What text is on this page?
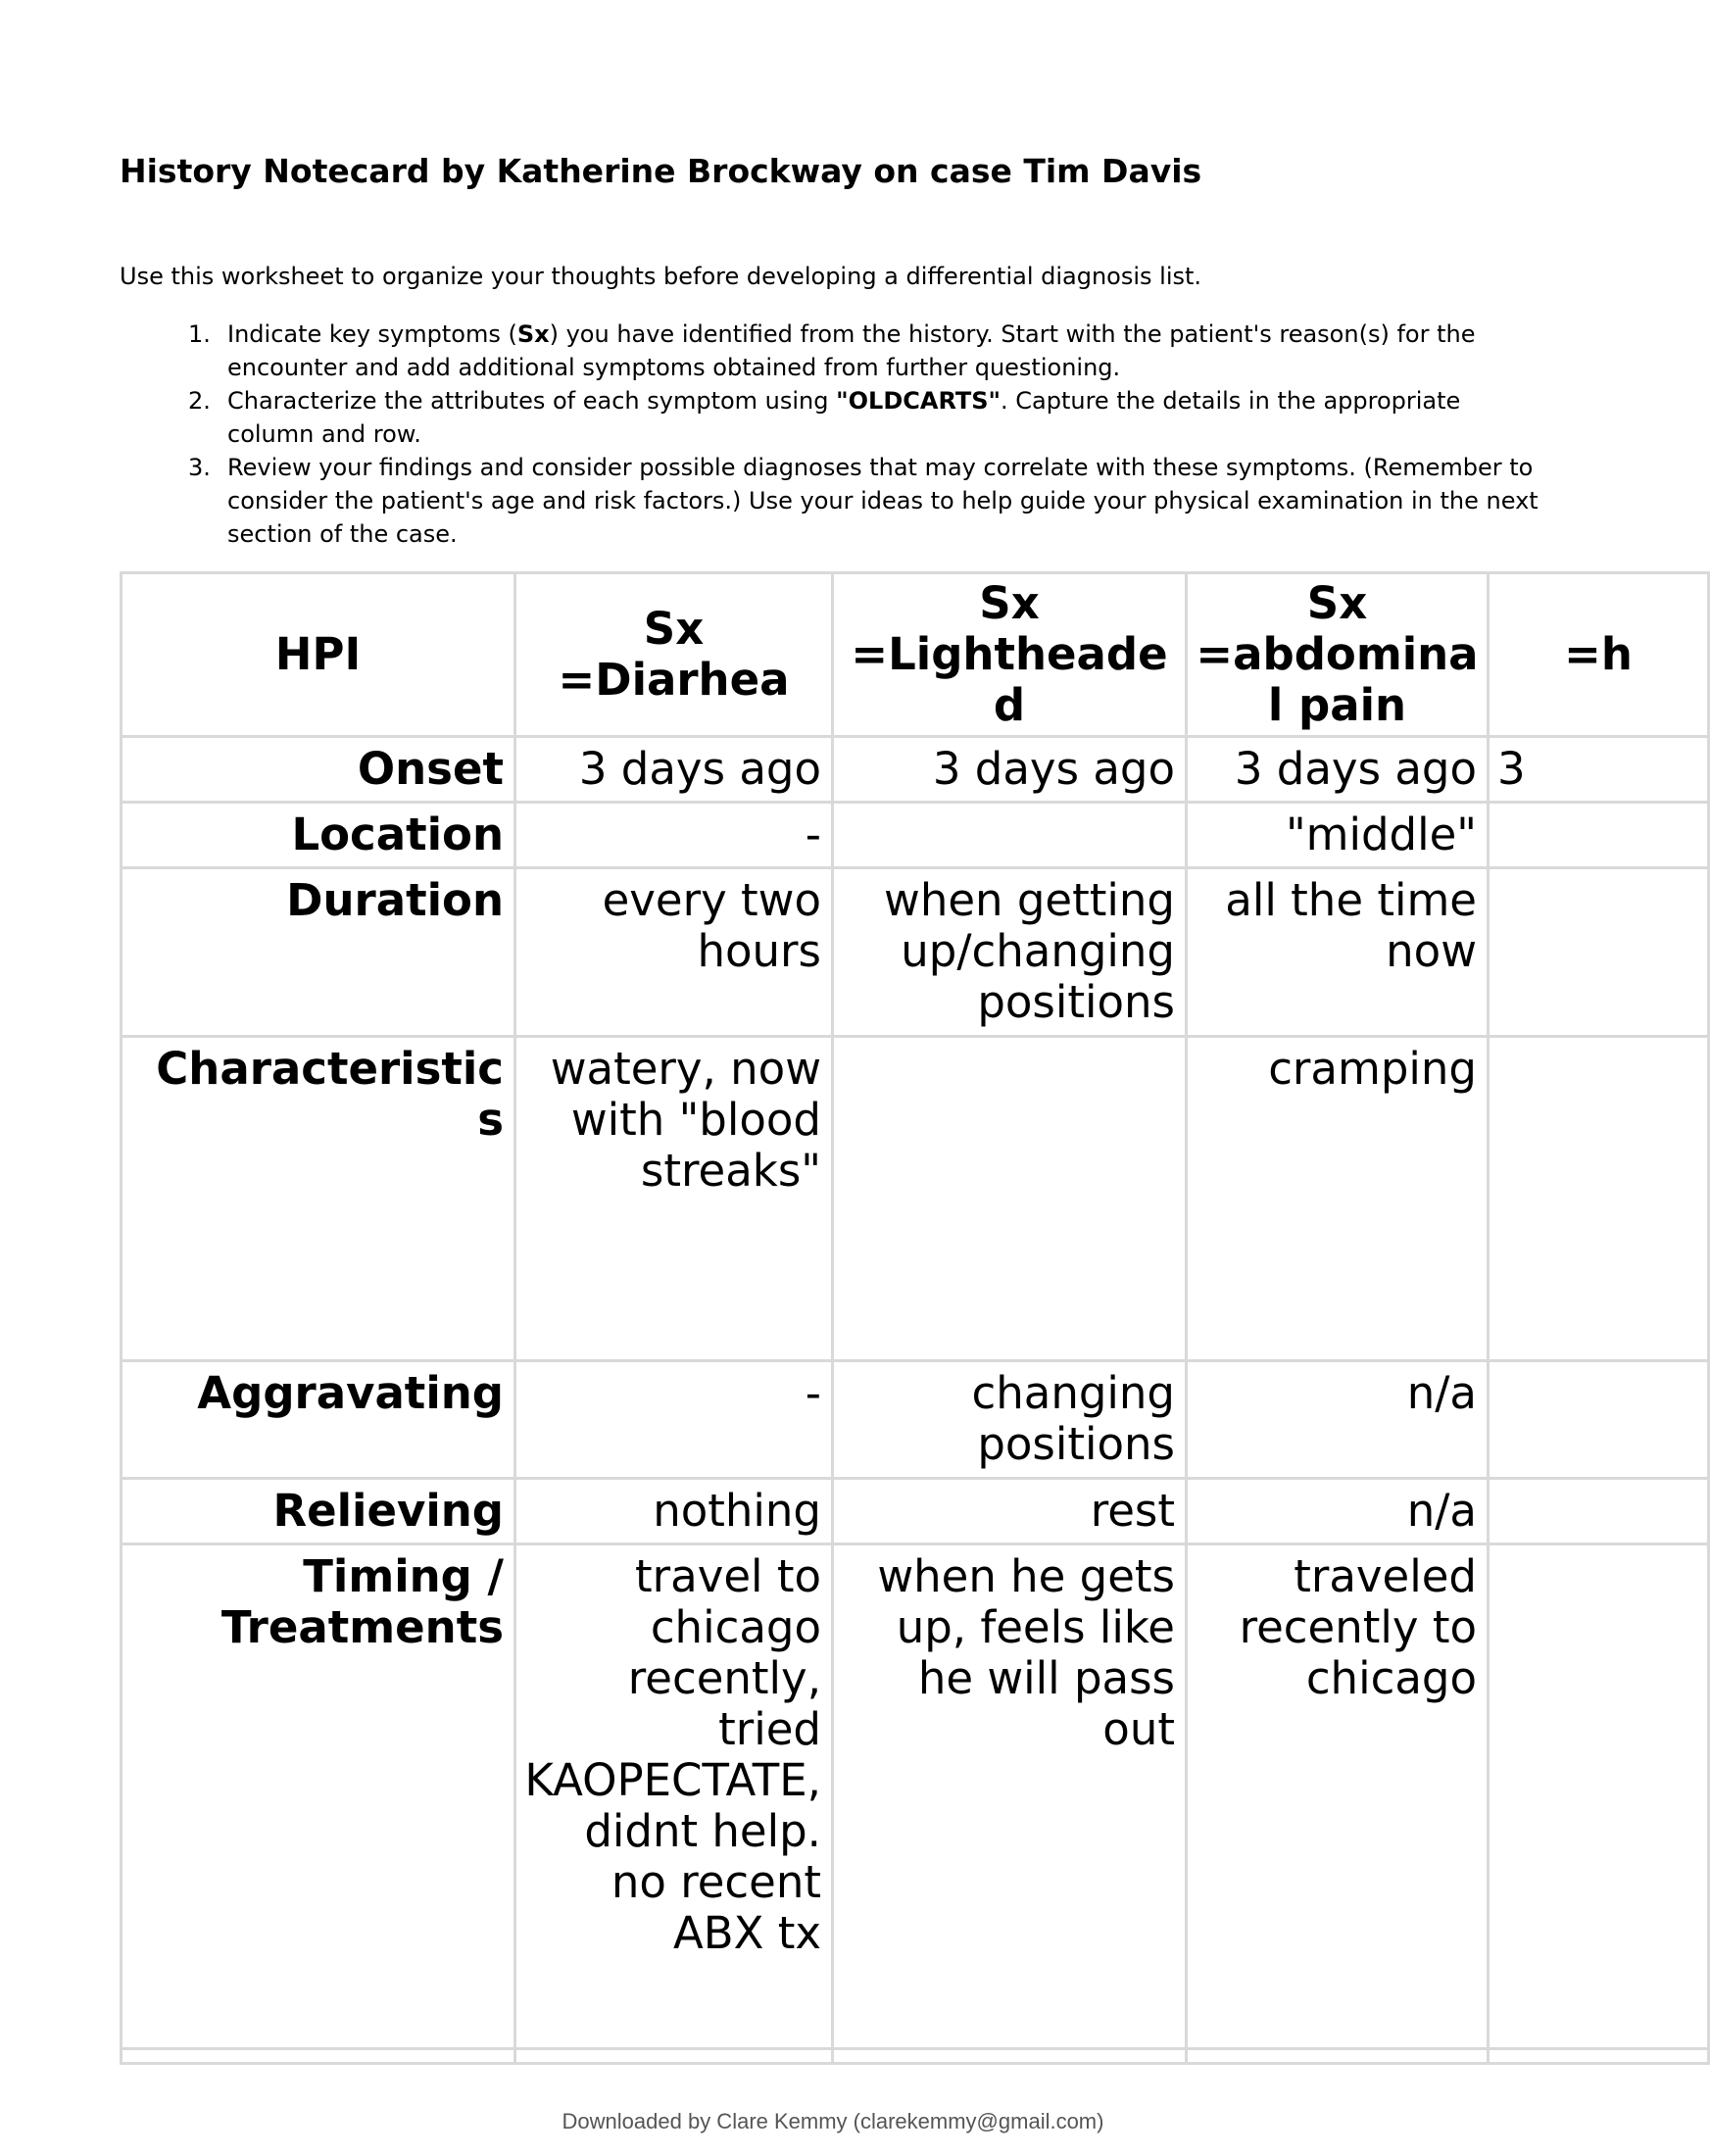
History Notecard by Katherine Brockway on case Tim Davis

Use this worksheet to organize your thoughts before developing a differential diagnosis list.

1. Indicate key symptoms (Sx) you have identified from the history. Start with the patient's reason(s) for the encounter and add additional symptoms obtained from further questioning.
2. Characterize the attributes of each symptom using "OLDCARTS". Capture the details in the appropriate column and row.
3. Review your findings and consider possible diagnoses that may correlate with these symptoms. (Remember to consider the patient's age and risk factors.) Use your ideas to help guide your physical examination in the next section of the case.
HPI	Sx =Diarhea	Sx =Lightheaded	Sx =abdominal pain	=h
Onset	3 days ago	3 days ago	3 days ago	3
Location	-		"middle"	
Duration	every two hours	when getting up/changing positions	all the time now	
Characteristics	watery, now with "blood streaks"		cramping	
Aggravating	-	changing positions	n/a	
Relieving	nothing	rest	n/a	
Timing / Treatments	travel to chicago recently, tried KAOPECTATE, didnt help. no recent ABX tx	when he gets up, feels like he will pass out	traveled recently to chicago	

Downloaded by Clare Kemmy (clarekemmy@gmail.com)
